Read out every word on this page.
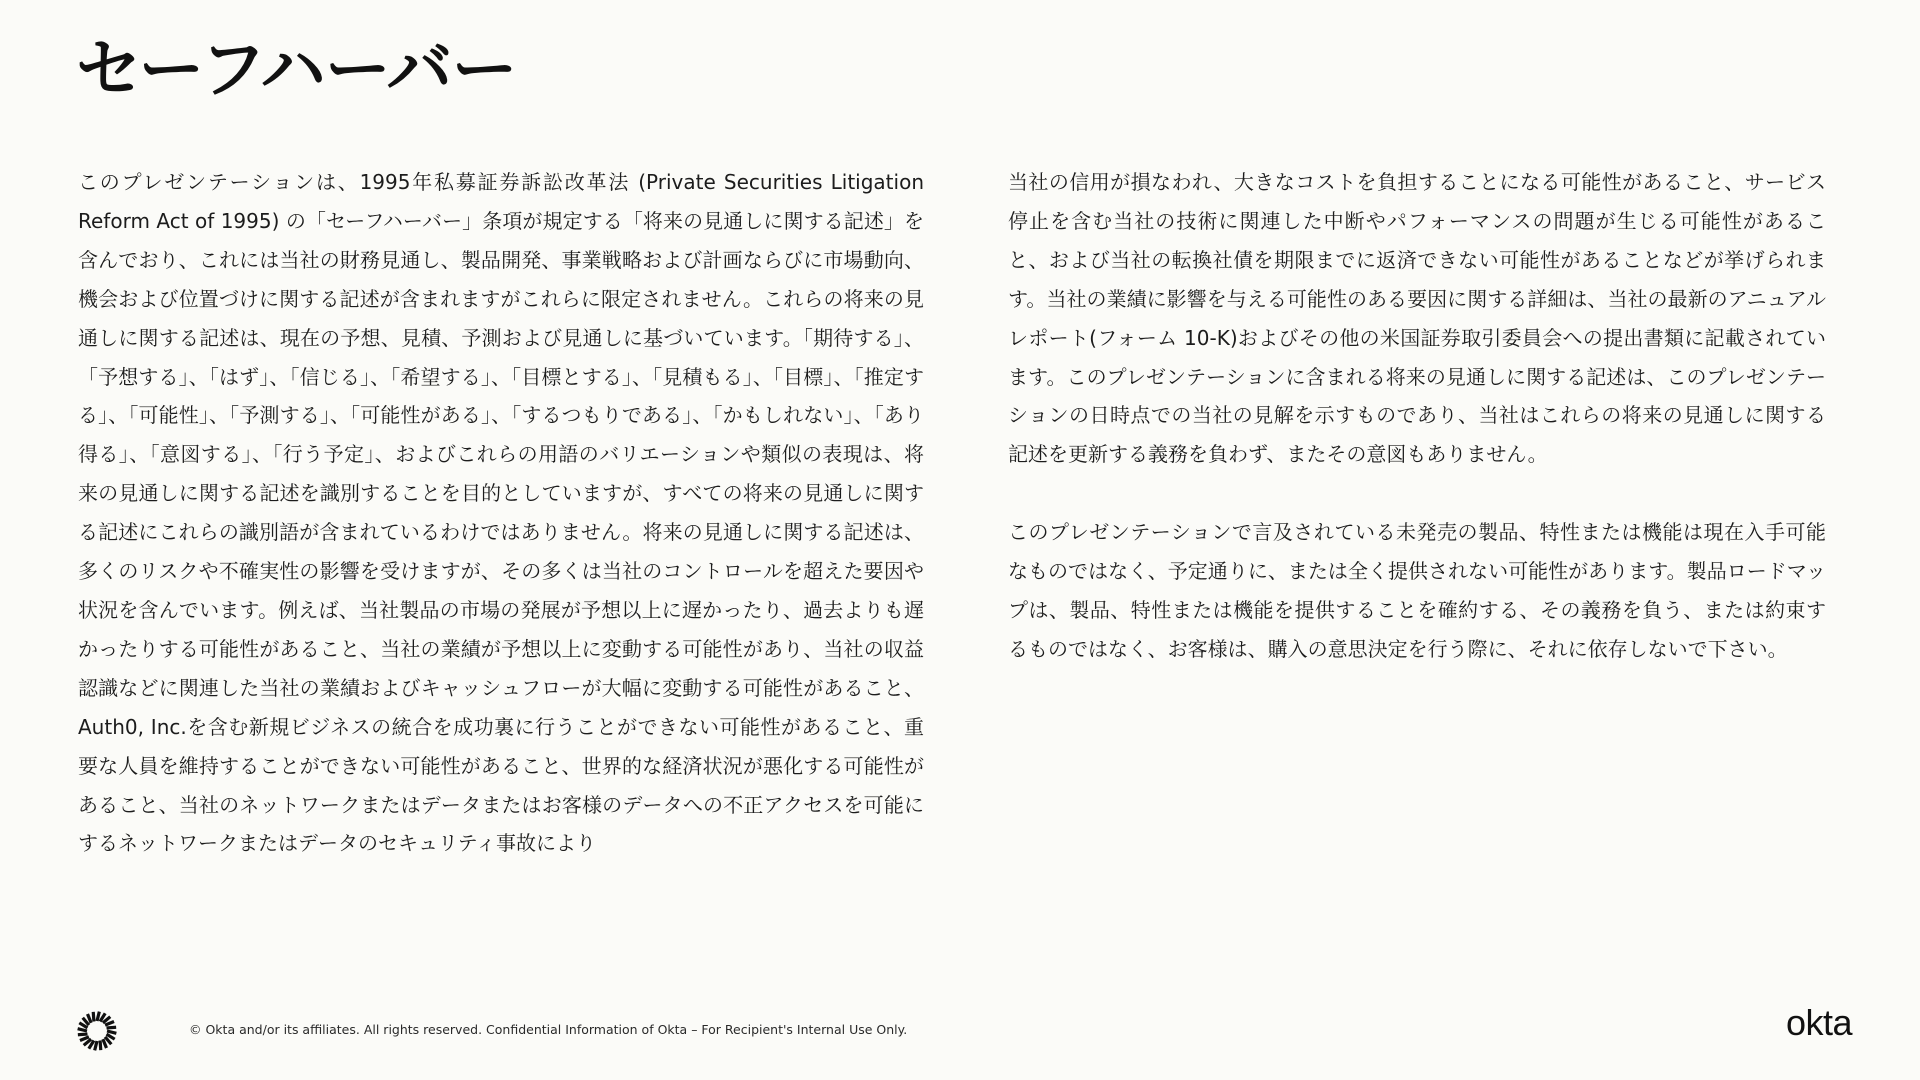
セーフハーバー

このプレゼンテーションは、1995年私募証券訴訟改革法 (Private Securities Litigation Reform Act of 1995) の「セーフハーバー」条項が規定する「将来の見通しに関する記述」を含んでおり、これには当社の財務見通し、製品開発、事業戦略および計画ならびに市場動向、機会および位置づけに関する記述が含まれますがこれらに限定されません。これらの将来の見通しに関する記述は、現在の予想、見積、予測および見通しに基づいています。「期待する」、「予想する」、「はず」、「信じる」、「希望する」、「目標とする」、「見積もる」、「目標」、「推定する」、「可能性」、「予測する」、「可能性がある」、「するつもりである」、「かもしれない」、「あり得る」、「意図する」、「行う予定」、およびこれらの用語のバリエーションや類似の表現は、将来の見通しに関する記述を識別することを目的としていますが、すべての将来の見通しに関する記述にこれらの識別語が含まれているわけではありません。将来の見通しに関する記述は、多くのリスクや不確実性の影響を受けますが、その多くは当社のコントロールを超えた要因や状況を含んでいます。例えば、当社製品の市場の発展が予想以上に遅かったり、過去よりも遅かったりする可能性があること、当社の業績が予想以上に変動する可能性があり、当社の収益認識などに関連した当社の業績およびキャッシュフローが大幅に変動する可能性があること、Auth0, Inc.を含む新規ビジネスの統合を成功裏に行うことができない可能性があること、重要な人員を維持することができない可能性があること、世界的な経済状況が悪化する可能性があること、当社のネットワークまたはデータまたはお客様のデータへの不正アクセスを可能にするネットワークまたはデータのセキュリティ事故により

当社の信用が損なわれ、大きなコストを負担することになる可能性があること、サービス停止を含む当社の技術に関連した中断やパフォーマンスの問題が生じる可能性があること、および当社の転換社債を期限までに返済できない可能性があることなどが挙げられます。当社の業績に影響を与える可能性のある要因に関する詳細は、当社の最新のアニュアルレポート(フォーム 10-K)およびその他の米国証券取引委員会への提出書類に記載されています。このプレゼンテーションに含まれる将来の見通しに関する記述は、このプレゼンテーションの日時点での当社の見解を示すものであり、当社はこれらの将来の見通しに関する記述を更新する義務を負わず、またその意図もありません。

このプレゼンテーションで言及されている未発売の製品、特性または機能は現在入手可能なものではなく、予定通りに、または全く提供されない可能性があります。製品ロードマップは、製品、特性または機能を提供することを確約する、その義務を負う、または約束するものではなく、お客様は、購入の意思決定を行う際に、それに依存しないで下さい。

© Okta and/or its affiliates. All rights reserved. Confidential Information of Okta – For Recipient's Internal Use Only.	okta
